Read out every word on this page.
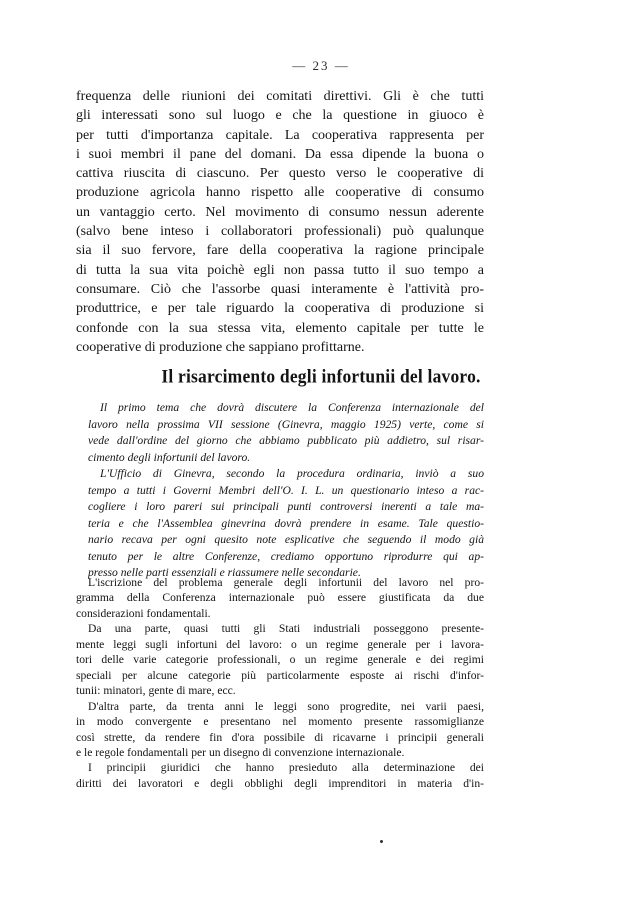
— 23 —
frequenza delle riunioni dei comitati direttivi. Gli è che tutti
gli interessati sono sul luogo e che la questione in giuoco è
per tutti d'importanza capitale. La cooperativa rappresenta per
i suoi membri il pane del domani. Da essa dipende la buona o
cattiva riuscita di ciascuno. Per questo verso le cooperative di
produzione agricola hanno rispetto alle cooperative di consumo
un vantaggio certo. Nel movimento di consumo nessun aderente
(salvo bene inteso i collaboratori professionali) può qualunque
sia il suo fervore, fare della cooperativa la ragione principale
di tutta la sua vita poichè egli non passa tutto il suo tempo a
consumare. Ciò che l'assorbe quasi interamente è l'attività pro-
produttrice, e per tale riguardo la cooperativa di produzione si
confonde con la sua stessa vita, elemento capitale per tutte le
cooperative di produzione che sappiano profittarne.
Il risarcimento degli infortunii del lavoro.
Il primo tema che dovrà discutere la Conferenza internazionale del
lavoro nella prossima VII sessione (Ginevra, maggio 1925) verte, come si
vede dall'ordine del giorno che abbiamo pubblicato più addietro, sul risar-
cimento degli infortunii del lavoro.
L'Ufficio di Ginevra, secondo la procedura ordinaria, inviò a suo
tempo a tutti i Governi Membri dell'O. I. L. un questionario inteso a rac-
cogliere i loro pareri sui principali punti controversi inerenti a tale ma-
teria e che l'Assemblea ginevrina dovrà prendere in esame. Tale questio-
nario recava per ogni quesito note esplicative che seguendo il modo già
tenuto per le altre Conferenze, crediamo opportuno riprodurre qui ap-
presso nelle parti essenziali e riassumere nelle secondarie.
L'iscrizione del problema generale degli infortunii del lavoro nel pro-
gramma della Conferenza internazionale può essere giustificata da due
considerazioni fondamentali.
Da una parte, quasi tutti gli Stati industriali posseggono presente-
mente leggi sugli infortuni del lavoro: o un regime generale per i lavora-
tori delle varie categorie professionali, o un regime generale e dei regimi
speciali per alcune categorie più particolarmente esposte ai rischi d'infor-
tunii: minatori, gente di mare, ecc.
D'altra parte, da trenta anni le leggi sono progredite, nei varii paesi,
in modo convergente e presentano nel momento presente rassomiglianze
così strette, da rendere fin d'ora possibile di ricavarne i principii generali
e le regole fondamentali per un disegno di convenzione internazionale.
I principii giuridici che hanno presieduto alla determinazione dei
diritti dei lavoratori e degli obblighi degli imprenditori in materia d'in-
